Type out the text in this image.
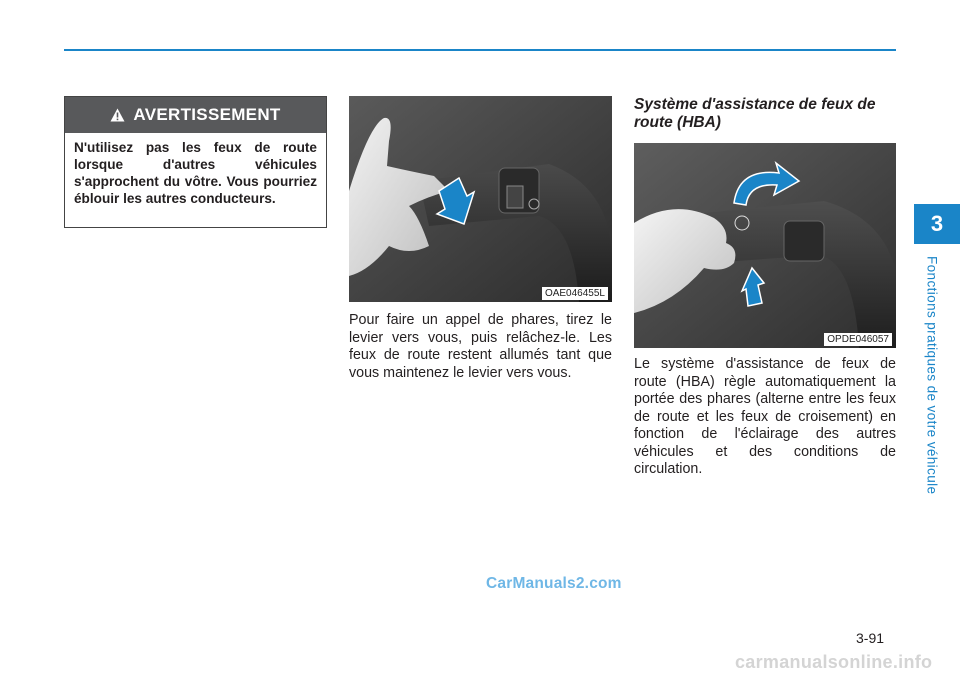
3
Fonctions pratiques de votre véhicule
AVERTISSEMENT
N'utilisez pas les feux de route lorsque d'autres véhicules s'approchent du vôtre. Vous pourriez éblouir les autres conducteurs.
OAE046455L
Pour faire un appel de phares, tirez le levier vers vous, puis relâchez-le. Les feux de route restent allumés tant que vous maintenez le levier vers vous.
Système d'assistance de feux de route (HBA)
OPDE046057
Le système d'assistance de feux de route (HBA) règle automatiquement la portée des phares (alterne entre les feux de route et les feux de croisement) en fonction de l'éclairage des autres véhicules et des conditions de circulation.
CarManuals2.com
3-91
carmanualsonline.info
